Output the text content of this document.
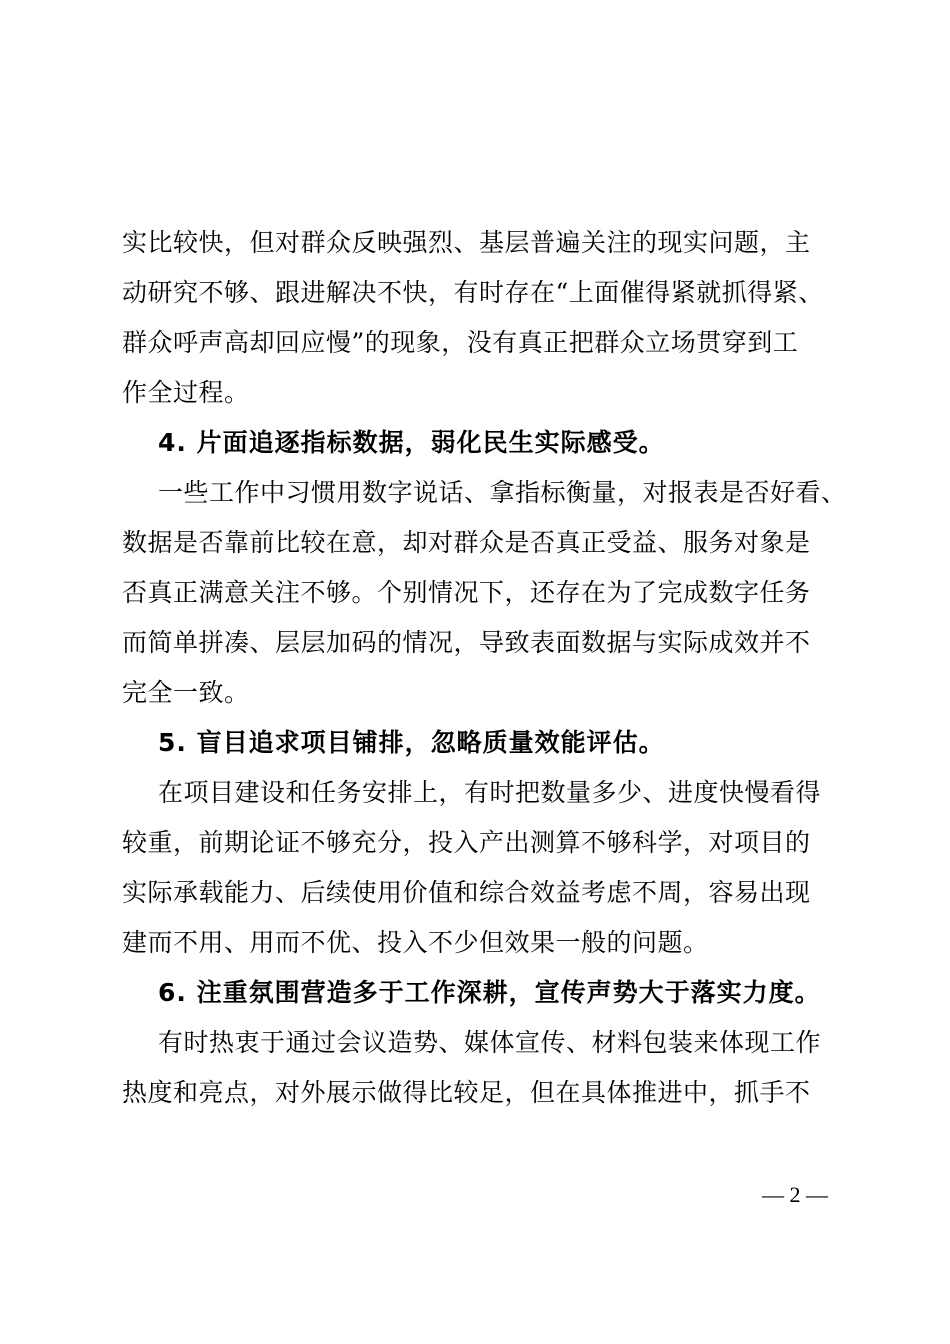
实比较快，但对群众反映强烈、基层普遍关注的现实问题，主
动研究不够、跟进解决不快，有时存在“上面催得紧就抓得紧、
群众呼声高却回应慢”的现象，没有真正把群众立场贯穿到工
作全过程。
4. 片面追逐指标数据，弱化民生实际感受。
一些工作中习惯用数字说话、拿指标衡量，对报表是否好看、
数据是否靠前比较在意，却对群众是否真正受益、服务对象是
否真正满意关注不够。个别情况下，还存在为了完成数字任务
而简单拼凑、层层加码的情况，导致表面数据与实际成效并不
完全一致。
5. 盲目追求项目铺排，忽略质量效能评估。
在项目建设和任务安排上，有时把数量多少、进度快慢看得
较重，前期论证不够充分，投入产出测算不够科学，对项目的
实际承载能力、后续使用价值和综合效益考虑不周，容易出现
建而不用、用而不优、投入不少但效果一般的问题。
6. 注重氛围营造多于工作深耕，宣传声势大于落实力度。
有时热衷于通过会议造势、媒体宣传、材料包装来体现工作
热度和亮点，对外展示做得比较足，但在具体推进中，抓手不
— 2 —
